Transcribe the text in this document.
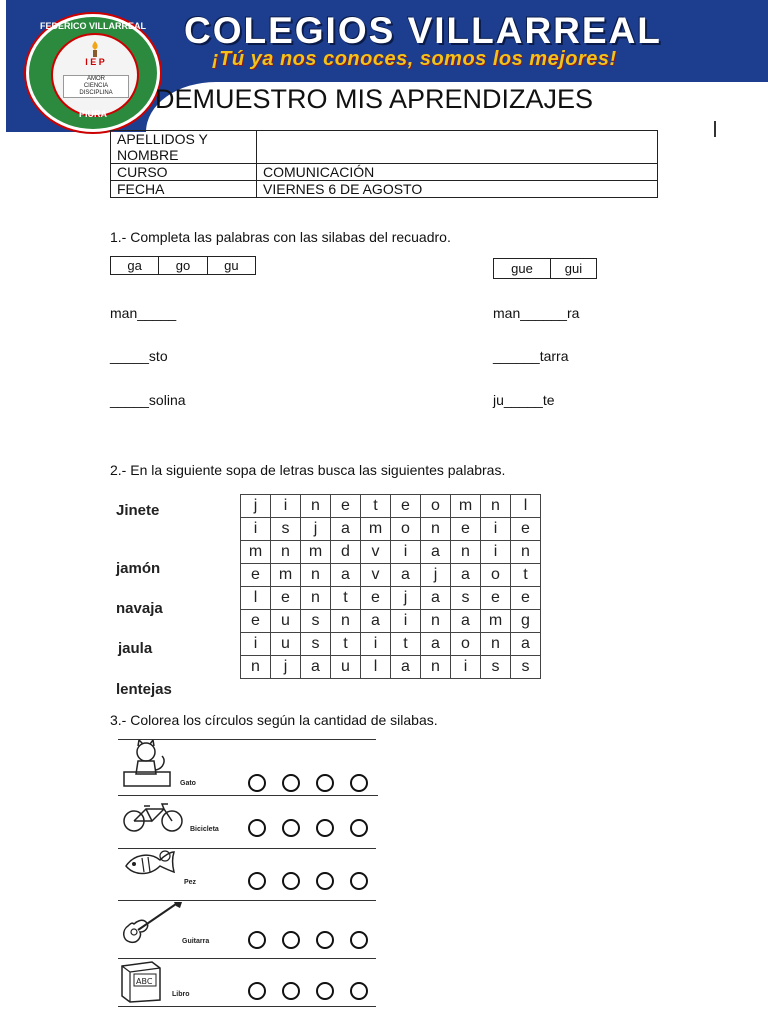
COLEGIOS VILLARREAL
¡Tú ya nos conoces, somos los mejores!
FEDERICO VILLARREAL
I E P
AMOR
CIENCIA
DISCIPLINA
PIURA	DEMUESTRO MIS APRENDIZAJES
APELLIDOS Y NOMBRE	
CURSO	COMUNICACIÓN
FECHA	VIERNES 6 DE AGOSTO
1.- Completa las palabras con las silabas del recuadro.
ga	go	gu	gue	gui
man_____
_____sto
_____solina
man______ra
______tarra
ju_____te
2.- En la siguiente sopa de letras busca las siguientes palabras.
Jinete
jamón
navaja
jaula
lentejas
j	i	n	e	t	e	o	m	n	l
i	s	j	a	m	o	n	e	i	e
m	n	m	d	v	i	a	n	i	n
e	m	n	a	v	a	j	a	o	t
l	e	n	t	e	j	a	s	e	e
e	u	s	n	a	i	n	a	m	g
i	u	s	t	i	t	a	o	n	a
n	j	a	u	l	a	n	i	s	s
3.- Colorea los círculos según la cantidad de silabas.
Gato
Bicicleta
Pez
Guitarra
ABC
Libro
